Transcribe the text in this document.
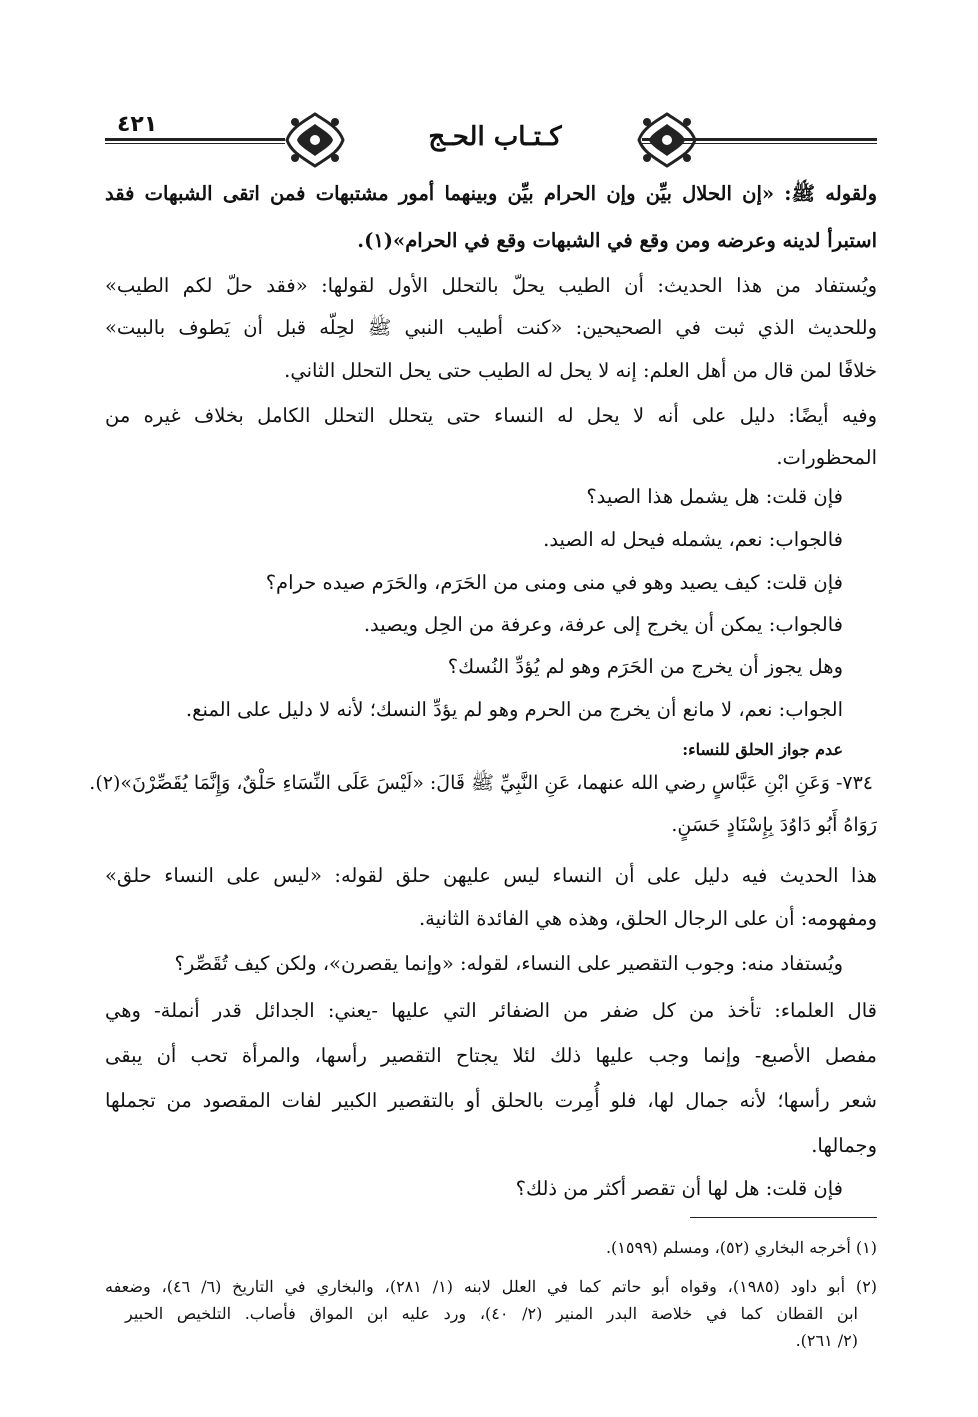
٤٢١	كـتـاب الحـج
ولقوله ﷺ: «إن الحلال بيِّن وإن الحرام بيِّن وبينهما أمور مشتبهات فمن اتقى الشبهات فقد
استبرأ لدينه وعرضه ومن وقع في الشبهات وقع في الحرام»(١).
ويُستفاد من هذا الحديث: أن الطيب يحلّ بالتحلل الأول لقولها: «فقد حلّ لكم الطيب»
وللحديث الذي ثبت في الصحيحين: «كنت أطيب النبي ﷺ لحِلّه قبل أن يَطوف بالبيت»
خلافًا لمن قال من أهل العلم: إنه لا يحل له الطيب حتى يحل التحلل الثاني.
وفيه أيضًا: دليل على أنه لا يحل له النساء حتى يتحلل التحلل الكامل بخلاف غيره من
المحظورات.
فإن قلت: هل يشمل هذا الصيد؟
فالجواب: نعم، يشمله فيحل له الصيد.
فإن قلت: كيف يصيد وهو في منى ومنى من الحَرَم، والحَرَم صيده حرام؟
فالجواب: يمكن أن يخرج إلى عرفة، وعرفة من الحِل ويصيد.
وهل يجوز أن يخرج من الحَرَم وهو لم يُؤدِّ النُسك؟
الجواب: نعم، لا مانع أن يخرج من الحرم وهو لم يؤدِّ النسك؛ لأنه لا دليل على المنع.
عدم جواز الحلق للنساء:
٧٣٤- وَعَنِ ابْنِ عَبَّاسٍ رضي الله عنهما، عَنِ النَّبِيِّ ﷺ قَالَ: «لَيْسَ عَلَى النِّسَاءِ حَلْقٌ، وَإِنَّمَا يُقَصِّرْنَ»(٢).
رَوَاهُ أَبُو دَاوُدَ بِإِسْنَادٍ حَسَنٍ.
هذا الحديث فيه دليل على أن النساء ليس عليهن حلق لقوله: «ليس على النساء حلق»
ومفهومه: أن على الرجال الحلق، وهذه هي الفائدة الثانية.
ويُستفاد منه: وجوب التقصير على النساء، لقوله: «وإنما يقصرن»، ولكن كيف تُقَصِّر؟
قال العلماء: تأخذ من كل ضفر من الضفائر التي عليها -يعني: الجدائل قدر أنملة- وهي
مفصل الأصبع- وإنما وجب عليها ذلك لئلا يجتاح التقصير رأسها، والمرأة تحب أن يبقى
شعر رأسها؛ لأنه جمال لها، فلو أُمِرت بالحلق أو بالتقصير الكبير لفات المقصود من تجملها
وجمالها.
فإن قلت: هل لها أن تقصر أكثر من ذلك؟
(١) أخرجه البخاري (٥٢)، ومسلم (١٥٩٩).
(٢) أبو داود (١٩٨٥)، وقواه أبو حاتم كما في العلل لابنه (١/ ٢٨١)، والبخاري في التاريخ (٦/ ٤٦)، وضعفه
ابن القطان كما في خلاصة البدر المنير (٢/ ٤٠)، ورد عليه ابن المواق فأصاب. التلخيص الحبير
(٢/ ٢٦١).
